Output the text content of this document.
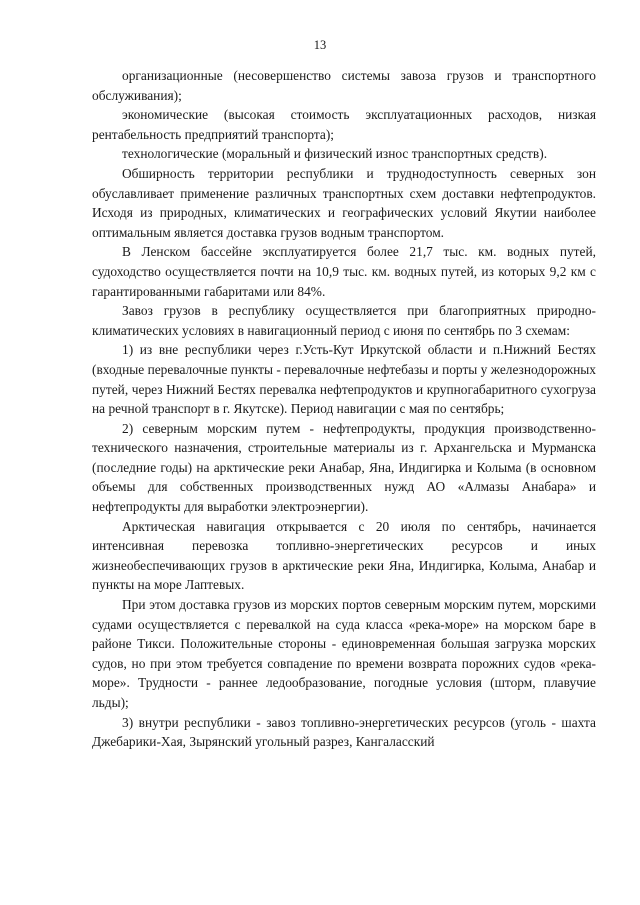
13

организационные (несовершенство системы завоза грузов и транспортного обслуживания);

экономические (высокая стоимость эксплуатационных расходов, низкая рентабельность предприятий транспорта);

технологические (моральный и физический износ транспортных средств).

Обширность территории республики и труднодоступность северных зон обуславливает применение различных транспортных схем доставки нефтепродуктов. Исходя из природных, климатических и географических условий Якутии наиболее оптимальным является доставка грузов водным транспортом.

В Ленском бассейне эксплуатируется более 21,7 тыс. км. водных путей, судоходство осуществляется почти на 10,9 тыс. км. водных путей, из которых 9,2 км с гарантированными габаритами или 84%.

Завоз грузов в республику осуществляется при благоприятных природно-климатических условиях в навигационный период с июня по сентябрь по 3 схемам:

1) из вне республики через г.Усть-Кут Иркутской области и п.Нижний Бестях (входные перевалочные пункты - перевалочные нефтебазы и порты у железнодорожных путей, через Нижний Бестях перевалка нефтепродуктов и крупногабаритного сухогруза на речной транспорт в г. Якутске). Период навигации с мая по сентябрь;

2) северным морским путем - нефтепродукты, продукция производственно-технического назначения, строительные материалы из г. Архангельска и Мурманска (последние годы) на арктические реки Анабар, Яна, Индигирка и Колыма (в основном объемы для собственных производственных нужд АО «Алмазы Анабара» и нефтепродукты для выработки электроэнергии).

Арктическая навигация открывается с 20 июля по сентябрь, начинается интенсивная перевозка топливно-энергетических ресурсов и иных жизнеобеспечивающих грузов в арктические реки Яна, Индигирка, Колыма, Анабар и пункты на море Лаптевых.

При этом доставка грузов из морских портов северным морским путем, морскими судами осуществляется с перевалкой на суда класса «река-море» на морском баре в районе Тикси. Положительные стороны - единовременная большая загрузка морских судов, но при этом требуется совпадение по времени возврата порожних судов «река-море». Трудности - раннее ледообразование, погодные условия (шторм, плавучие льды);

3) внутри республики - завоз топливно-энергетических ресурсов (уголь - шахта Джебарики-Хая, Зырянский угольный разрез, Кангаласский
